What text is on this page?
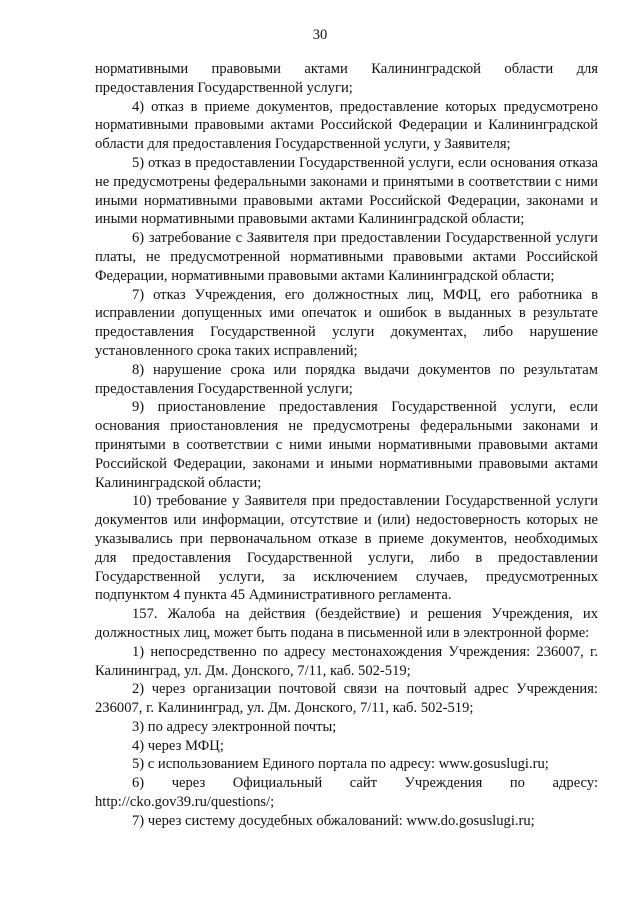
30

нормативными правовыми актами Калининградской области для предоставления Государственной услуги;

4) отказ в приеме документов, предоставление которых предусмотрено нормативными правовыми актами Российской Федерации и Калининградской области для предоставления Государственной услуги, у Заявителя;

5) отказ в предоставлении Государственной услуги, если основания отказа не предусмотрены федеральными законами и принятыми в соответствии с ними иными нормативными правовыми актами Российской Федерации, законами и иными нормативными правовыми актами Калининградской области;

6) затребование с Заявителя при предоставлении Государственной услуги платы, не предусмотренной нормативными правовыми актами Российской Федерации, нормативными правовыми актами Калининградской области;

7) отказ Учреждения, его должностных лиц, МФЦ, его работника в исправлении допущенных ими опечаток и ошибок в выданных в результате предоставления Государственной услуги документах, либо нарушение установленного срока таких исправлений;

8) нарушение срока или порядка выдачи документов по результатам предоставления Государственной услуги;

9) приостановление предоставления Государственной услуги, если основания приостановления не предусмотрены федеральными законами и принятыми в соответствии с ними иными нормативными правовыми актами Российской Федерации, законами и иными нормативными правовыми актами Калининградской области;

10) требование у Заявителя при предоставлении Государственной услуги документов или информации, отсутствие и (или) недостоверность которых не указывались при первоначальном отказе в приеме документов, необходимых для предоставления Государственной услуги, либо в предоставлении Государственной услуги, за исключением случаев, предусмотренных подпунктом 4 пункта 45 Административного регламента.

157. Жалоба на действия (бездействие) и решения Учреждения, их должностных лиц, может быть подана в письменной или в электронной форме:

1) непосредственно по адресу местонахождения Учреждения: 236007, г. Калининград, ул. Дм. Донского, 7/11, каб. 502-519;

2) через организации почтовой связи на почтовый адрес Учреждения: 236007, г. Калининград, ул. Дм. Донского, 7/11, каб. 502-519;

3) по адресу электронной почты;

4) через МФЦ;

5) с использованием Единого портала по адресу: www.gosuslugi.ru;

6) через Официальный сайт Учреждения по адресу: http://cko.gov39.ru/questions/;

7) через систему досудебных обжалований: www.do.gosuslugi.ru;
